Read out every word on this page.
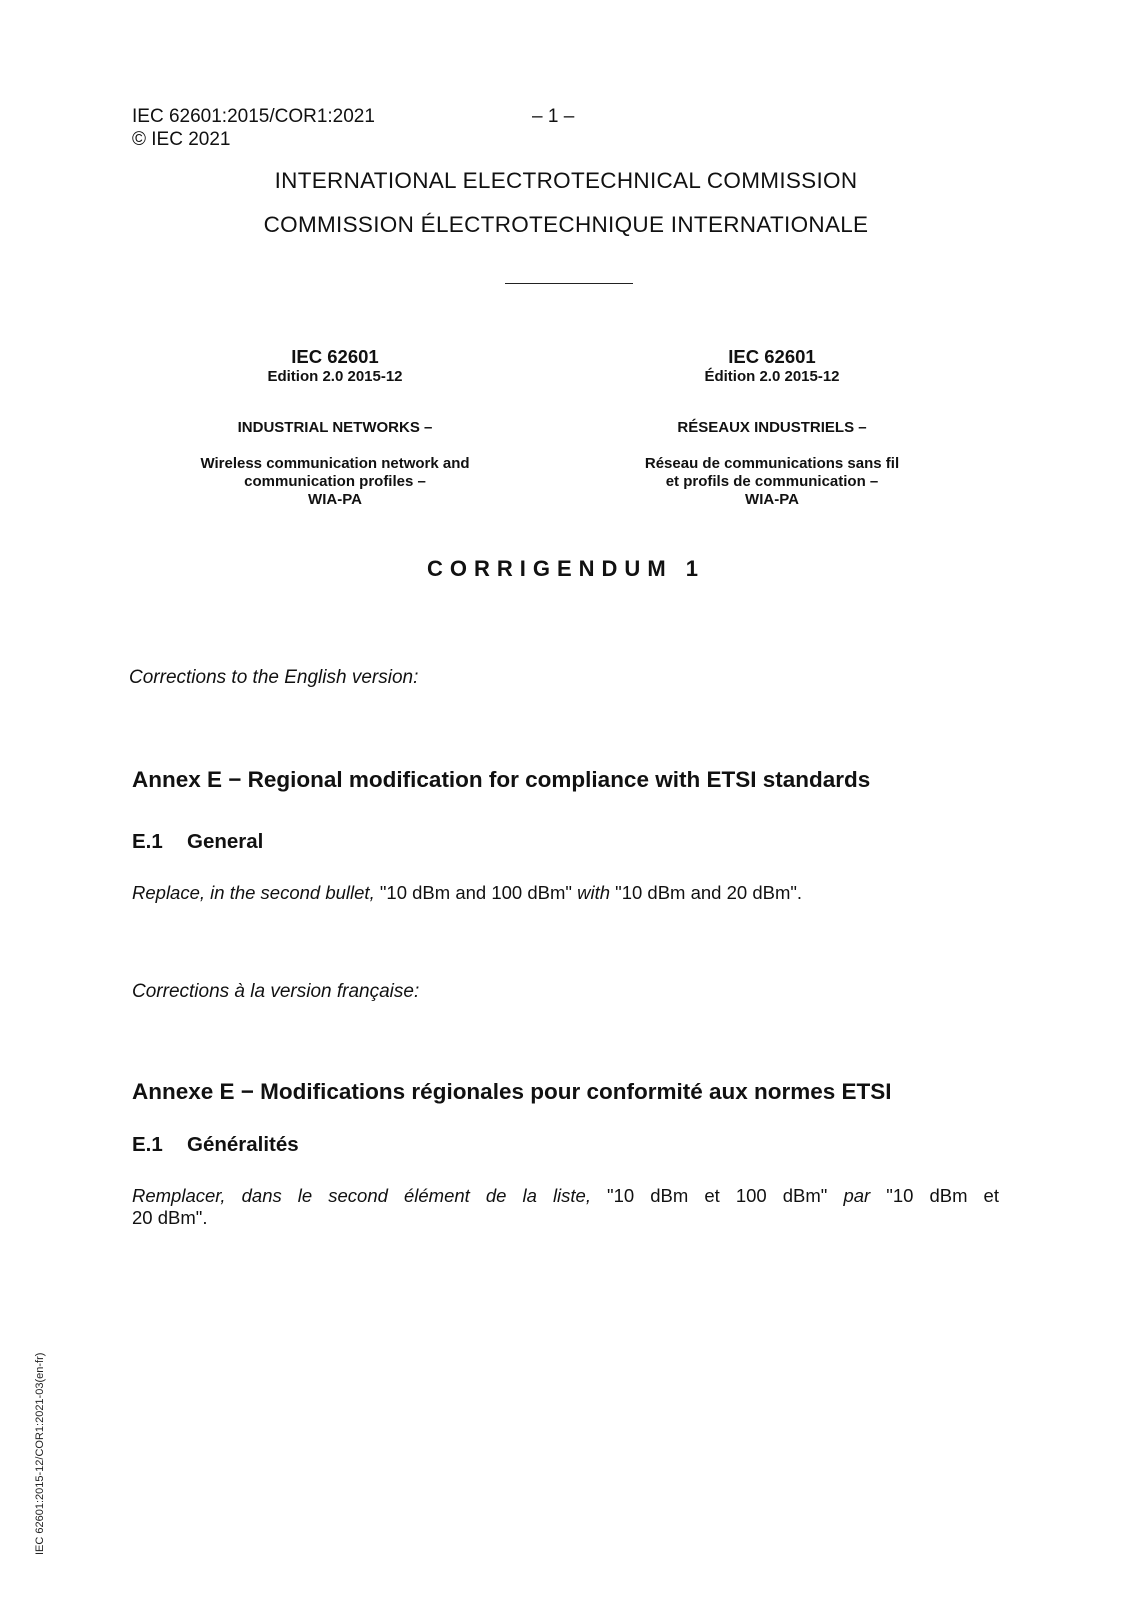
IEC 62601:2015/COR1:2021	– 1 –
© IEC 2021
INTERNATIONAL ELECTROTECHNICAL COMMISSION
COMMISSION ÉLECTROTECHNIQUE INTERNATIONALE
IEC 62601
Edition 2.0 2015-12
INDUSTRIAL NETWORKS –
Wireless communication network and
communication profiles –
WIA-PA
IEC 62601
Édition 2.0 2015-12
RÉSEAUX INDUSTRIELS –
Réseau de communications sans fil
et profils de communication –
WIA-PA
CORRIGENDUM 1
Corrections to the English version:
Annex E − Regional modification for compliance with ETSI standards
E.1 General
Replace, in the second bullet, "10 dBm and 100 dBm" with "10 dBm and 20 dBm".
Corrections à la version française:
Annexe E − Modifications régionales pour conformité aux normes ETSI
E.1 Généralités
Remplacer, dans le second élément de la liste, "10 dBm et 100 dBm" par "10 dBm et
20 dBm".
IEC 62601:2015-12/COR1:2021-03(en-fr)
